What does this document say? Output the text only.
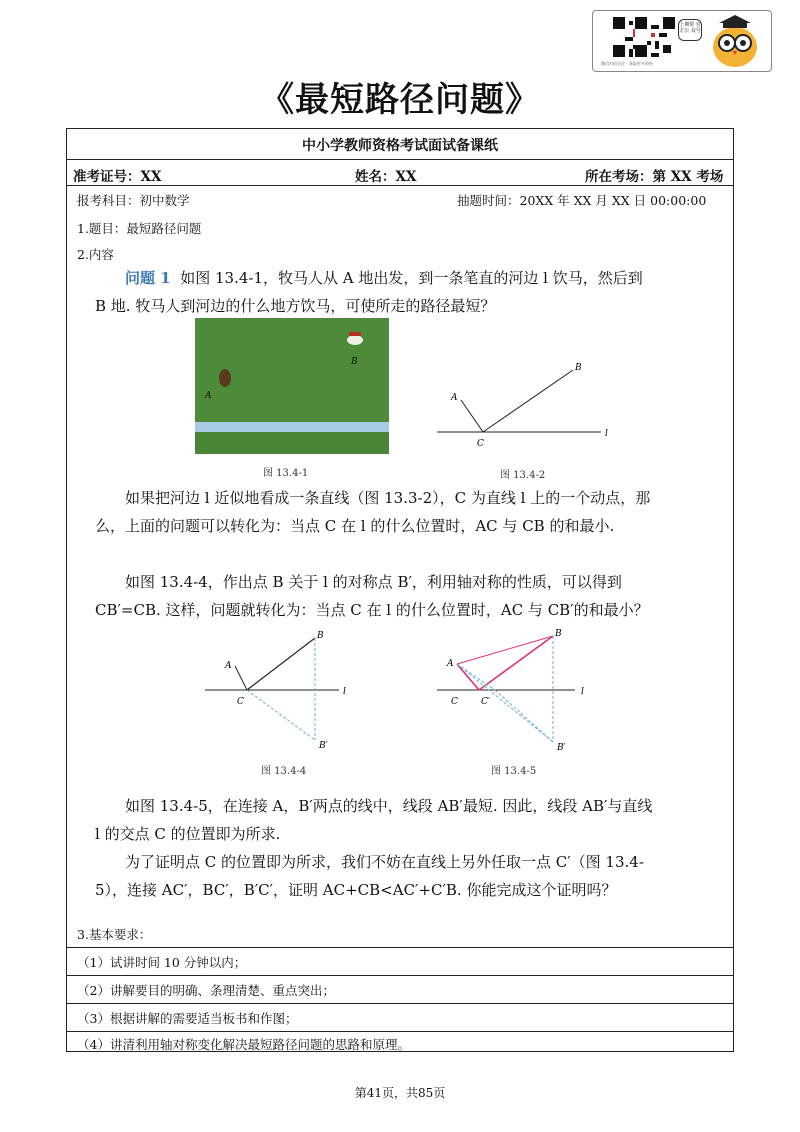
上期带 官方公 众号
微信扫码关注 · 获取更多资料
《最短路径问题》
中小学教师资格考试面试备课纸
准考证号：XX	姓名：XX	所在考场：第 XX 考场
报考科目：初中数学	抽题时间：20XX 年 XX 月 XX 日 00:00:00
1.题目：最短路径问题
2.内容
3.基本要求：
（1）试讲时间 10 分钟以内；
（2）讲解要目的明确、条理清楚、重点突出；
（3）根据讲解的需要适当板书和作图；
（4）讲清利用轴对称变化解决最短路径问题的思路和原理。
问题 1 如图 13.4-1，牧马人从 A 地出发，到一条笔直的河边 l 饮马，然后到 B 地. 牧马人到河边的什么地方饮马，可使所走的路径最短？
A
B
图 13.4-1
A
B
C
l
图 13.4-2
如果把河边 l 近似地看成一条直线（图 13.3-2），C 为直线 l 上的一个动点，那么，上面的问题可以转化为：当点 C 在 l 的什么位置时，AC 与 CB 的和最小.
如图 13.4-4，作出点 B 关于 l 的对称点 B′，利用轴对称的性质，可以得到 CB′=CB. 这样，问题就转化为：当点 C 在 l 的什么位置时，AC 与 CB′的和最小？
A
B
C
B′
l
图 13.4-4
A
B
C	C′
B′
l
图 13.4-5
如图 13.4-5，在连接 A，B′两点的线中，线段 AB′最短. 因此，线段 AB′与直线 l 的交点 C 的位置即为所求.
为了证明点 C 的位置即为所求，我们不妨在直线上另外任取一点 C′（图 13.4-5），连接 AC′，BC′，B′C′，证明 AC+CB<AC′+C′B. 你能完成这个证明吗？
第41页，共85页
